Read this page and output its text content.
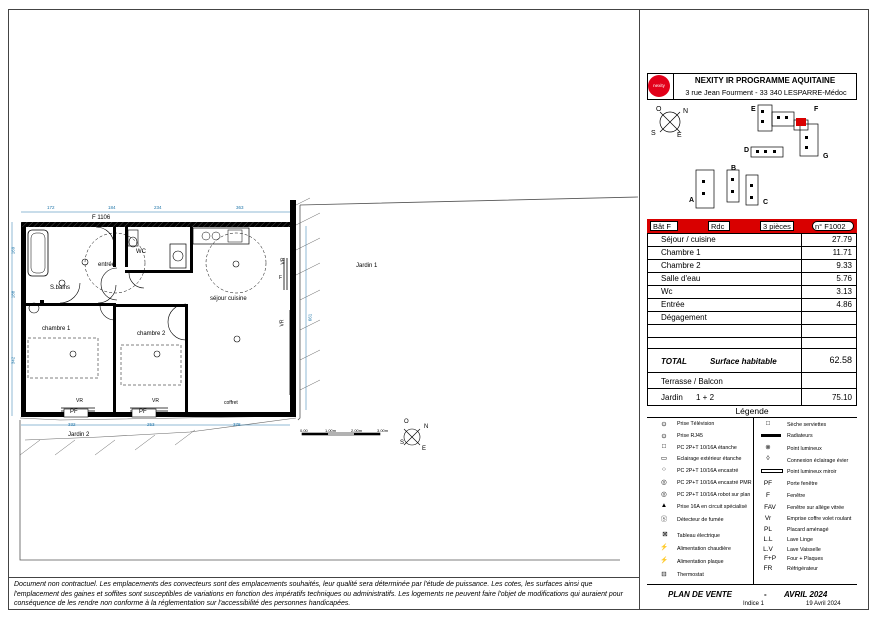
F 1106
entrée
WC
S.bains
séjour cuisine
chambre 1
chambre 2
Jardin 1
Jardin 2
coffret
PF	PF
VR	VR
VR
VR
F
172	184	234	363
332	253	378
169
188
342
661
0.00	1.00m	2.00m	3.00m
N
S
E
O
Document non contractuel. Les emplacements des convecteurs sont des emplacements souhaités, leur qualité sera déterminée par l'étude de puissance. Les cotes, les surfaces ainsi que l'emplacement des gaines et soffites sont susceptibles de variations en fonction des impératifs techniques ou administratifs. Les logements ne peuvent faire l'objet de modifications qui auraient pour conséquence de les rendre non conforme à la réglementation sur l'accessibilité des personnes handicapées.
nexity
NEXITY IR PROGRAMME AQUITAINE
3 rue Jean Fourment - 33 340 LESPARRE-Médoc
E	F
D
G
B
A	C
N
S	E
O
Bât F	Rdc	3 pièces	n° F1002
Séjour / cuisine	27.79
Chambre 1	11.71
Chambre 2	9.33
Salle d'eau	5.76
Wc	3.13
Entrée	4.86
Dégagement
TOTAL	Surface habitable	62.58
Terrasse / Balcon
Jardin 1 + 2	75.10
Légende
⊙	Prise Télévision
⊙	Prise RJ45
□	PC 2P+T 10/16A étanche
▭	Eclairage extérieur étanche
○	PC 2P+T 10/16A encastré
◎	PC 2P+T 10/16A encastré PMR
◎	PC 2P+T 10/16A robot sur plan
▲	Prise 16A en circuit spécialisé
Ⓢ	Détecteur de fumée
⊠	Tableau électrique
⚡	Alimentation chaudière
⚡	Alimentation plaque
⊟	Thermostat
□	Sèche serviettes
Radiateurs
⊗	Point lumineux
◊	Connexion éclairage évier
Point lumineux miroir
PF	Porte fenêtre
F	Fenêtre
FAV	Fenêtre sur allège vitrée
Vr	Emprise coffre volet roulant
PL	Placard aménagé
L.L	Lave Linge
L.V	Lave Vaisselle
F+P	Four + Plaques
FR	Réfrigérateur
PLAN DE VENTE	- AVRIL 2024
Indice 1	19 Avril 2024
